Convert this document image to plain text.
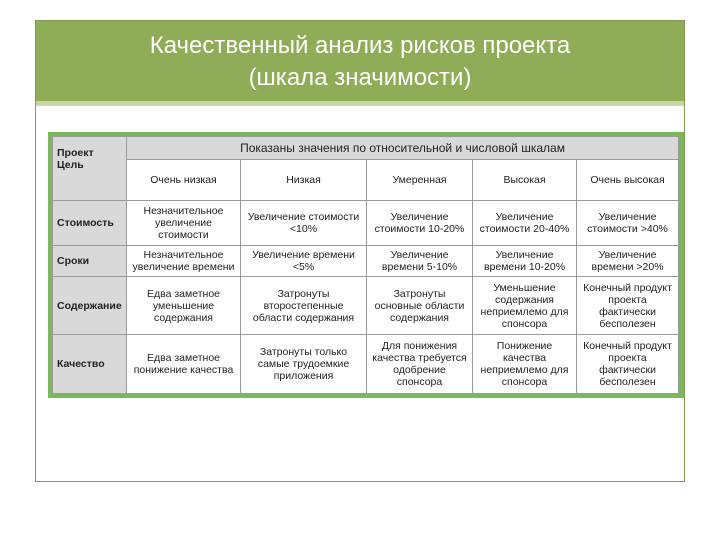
Качественный анализ рисков проекта
(шкала значимости)
Проект
Цель	Показаны значения по относительной и числовой шкалам				
	Очень низкая	Низкая	Умеренная	Высокая	Очень высокая
Стоимость	Незначительное увеличение стоимости	Увеличение стоимости <10%	Увеличение стоимости 10-20%	Увеличение стоимости 20-40%	Увеличение стоимости >40%
Сроки	Незначительное увеличение времени	Увеличение времени <5%	Увеличение времени 5-10%	Увеличение времени 10-20%	Увеличение времени >20%
Содержание	Едва заметное уменьшение содержания	Затронуты второстепенные области содержания	Затронуты основные области содержания	Уменьшение содержания неприемлемо для спонсора	Конечный продукт проекта фактически бесполезен
Качество	Едва заметное понижение качества	Затронуты только самые трудоемкие приложения	Для понижения качества требуется одобрение спонсора	Понижение качества неприемлемо для спонсора	Конечный продукт проекта фактически бесполезен
